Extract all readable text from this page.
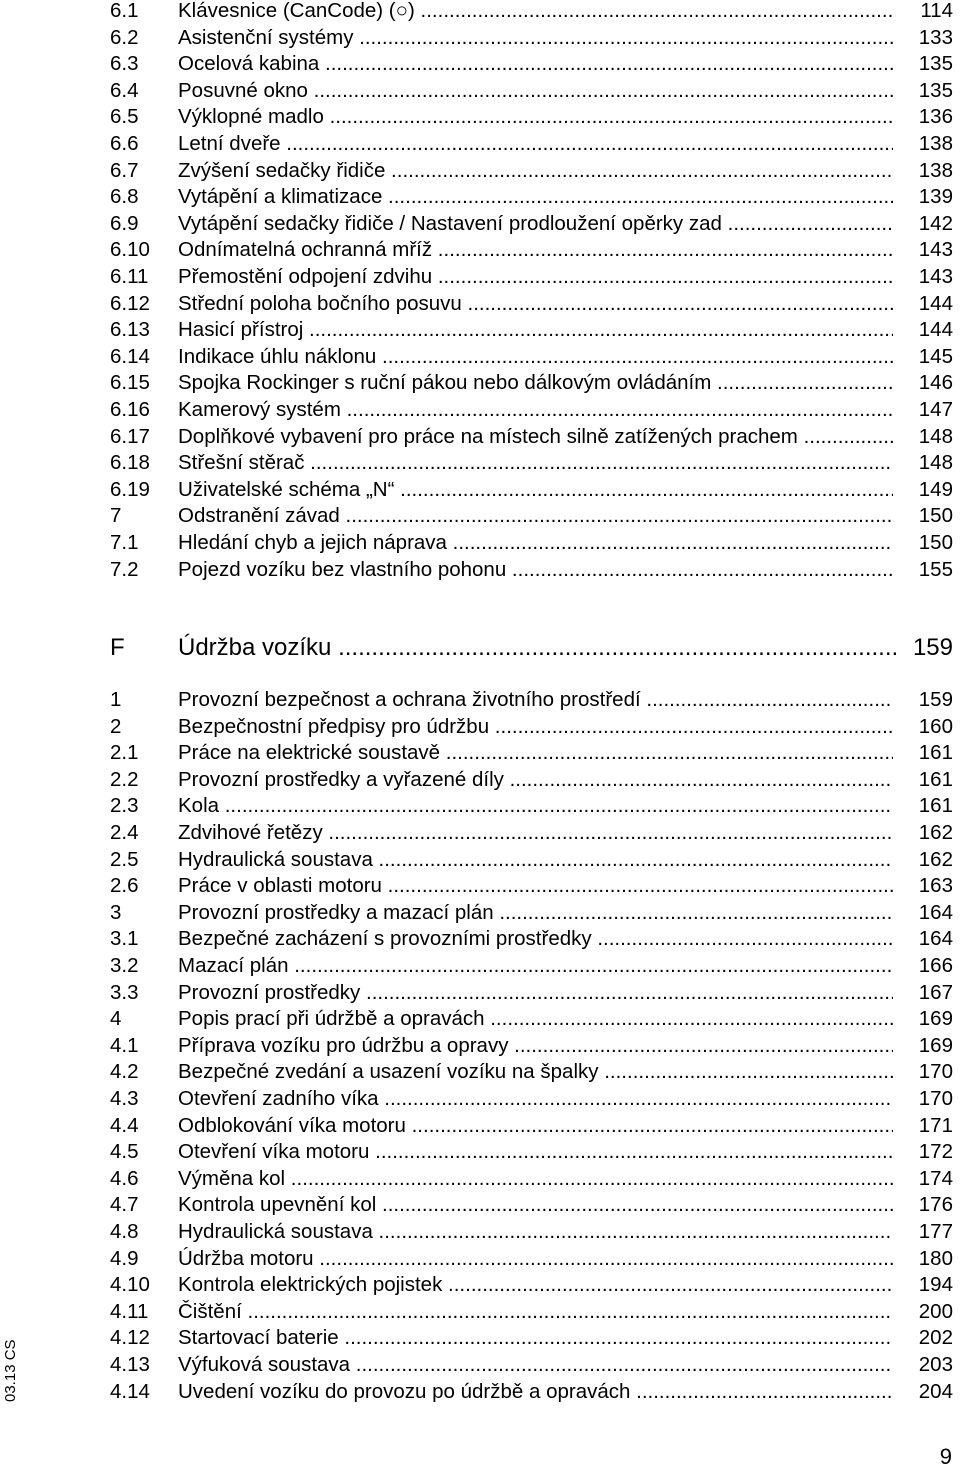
6.1 Klávesnice (CanCode) (○) .....	114
6.2 Asistenční systémy .....	133
6.3 Ocelová kabina .....	135
6.4 Posuvné okno .....	135
6.5 Výklopné madlo .....	136
6.6 Letní dveře .....	138
6.7 Zvýšení sedačky řidiče .....	138
6.8 Vytápění a klimatizace .....	139
6.9 Vytápění sedačky řidiče / Nastavení prodloužení opěrky zad .....	142
6.10 Odnímatelná ochranná mříž .....	143
6.11 Přemostění odpojení zdvihu .....	143
6.12 Střední poloha bočního posuvu .....	144
6.13 Hasicí přístroj .....	144
6.14 Indikace úhlu náklonu .....	145
6.15 Spojka Rockinger s ruční pákou nebo dálkovým ovládáním .....	146
6.16 Kamerový systém .....	147
6.17 Doplňkové vybavení pro práce na místech silně zatížených prachem .....	148
6.18 Střešní stěrač .....	148
6.19 Uživatelské schéma „N“ .....	149
7	Odstranění závad .....	150
7.1 Hledání chyb a jejich náprava .....	150
7.2 Pojezd vozíku bez vlastního pohonu .....	155
F Údržba vozíku .....	159
1	Provozní bezpečnost a ochrana životního prostředí .....	159
2	Bezpečnostní předpisy pro údržbu .....	160
2.1 Práce na elektrické soustavě .....	161
2.2 Provozní prostředky a vyřazené díly .....	161
2.3 Kola .....	161
2.4 Zdvihové řetězy .....	162
2.5 Hydraulická soustava .....	162
2.6 Práce v oblasti motoru .....	163
3	Provozní prostředky a mazací plán .....	164
3.1 Bezpečné zacházení s provozními prostředky .....	164
3.2 Mazací plán .....	166
3.3 Provozní prostředky .....	167
4	Popis prací při údržbě a opravách .....	169
4.1 Příprava vozíku pro údržbu a opravy .....	169
4.2 Bezpečné zvedání a usazení vozíku na špalky .....	170
4.3 Otevření zadního víka .....	170
4.4 Odblokování víka motoru .....	171
4.5 Otevření víka motoru .....	172
4.6 Výměna kol .....	174
4.7 Kontrola upevnění kol .....	176
4.8 Hydraulická soustava .....	177
4.9 Údržba motoru .....	180
4.10 Kontrola elektrických pojistek .....	194
4.11 Čištění .....	200
4.12 Startovací baterie .....	202
4.13 Výfuková soustava .....	203
4.14 Uvedení vozíku do provozu po údržbě a opravách .....	204
03.13 CS
9
